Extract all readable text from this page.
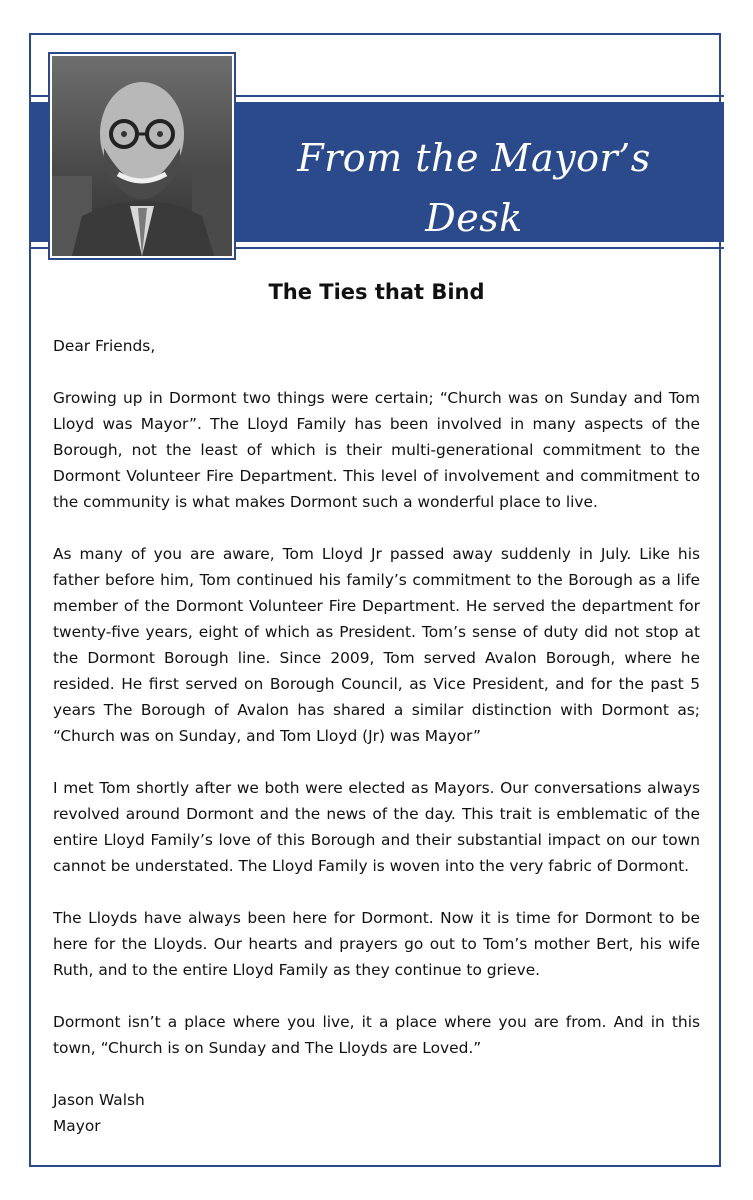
From the Mayor’s Desk
The Ties that Bind

Dear Friends,

Growing up in Dormont two things were certain; “Church was on Sunday and Tom Lloyd was Mayor”. The Lloyd Family has been involved in many aspects of the Borough, not the least of which is their multi-generational commitment to the Dormont Volunteer Fire Department. This level of involvement and commitment to the community is what makes Dormont such a wonderful place to live.

As many of you are aware, Tom Lloyd Jr passed away suddenly in July. Like his father before him, Tom continued his family’s commitment to the Borough as a life member of the Dormont Volunteer Fire Department. He served the department for twenty-five years, eight of which as President. Tom’s sense of duty did not stop at the Dormont Borough line. Since 2009, Tom served Avalon Borough, where he resided. He first served on Borough Council, as Vice President, and for the past 5 years The Borough of Avalon has shared a similar distinction with Dormont as; “Church was on Sunday, and Tom Lloyd (Jr) was Mayor”

I met Tom shortly after we both were elected as Mayors. Our conversations always revolved around Dormont and the news of the day. This trait is emblematic of the entire Lloyd Family’s love of this Borough and their substantial impact on our town cannot be understated. The Lloyd Family is woven into the very fabric of Dormont.

The Lloyds have always been here for Dormont. Now it is time for Dormont to be here for the Lloyds. Our hearts and prayers go out to Tom’s mother Bert, his wife Ruth, and to the entire Lloyd Family as they continue to grieve.

Dormont isn’t a place where you live, it a place where you are from. And in this town, “Church is on Sunday and The Lloyds are Loved.”

Jason Walsh

Mayor
